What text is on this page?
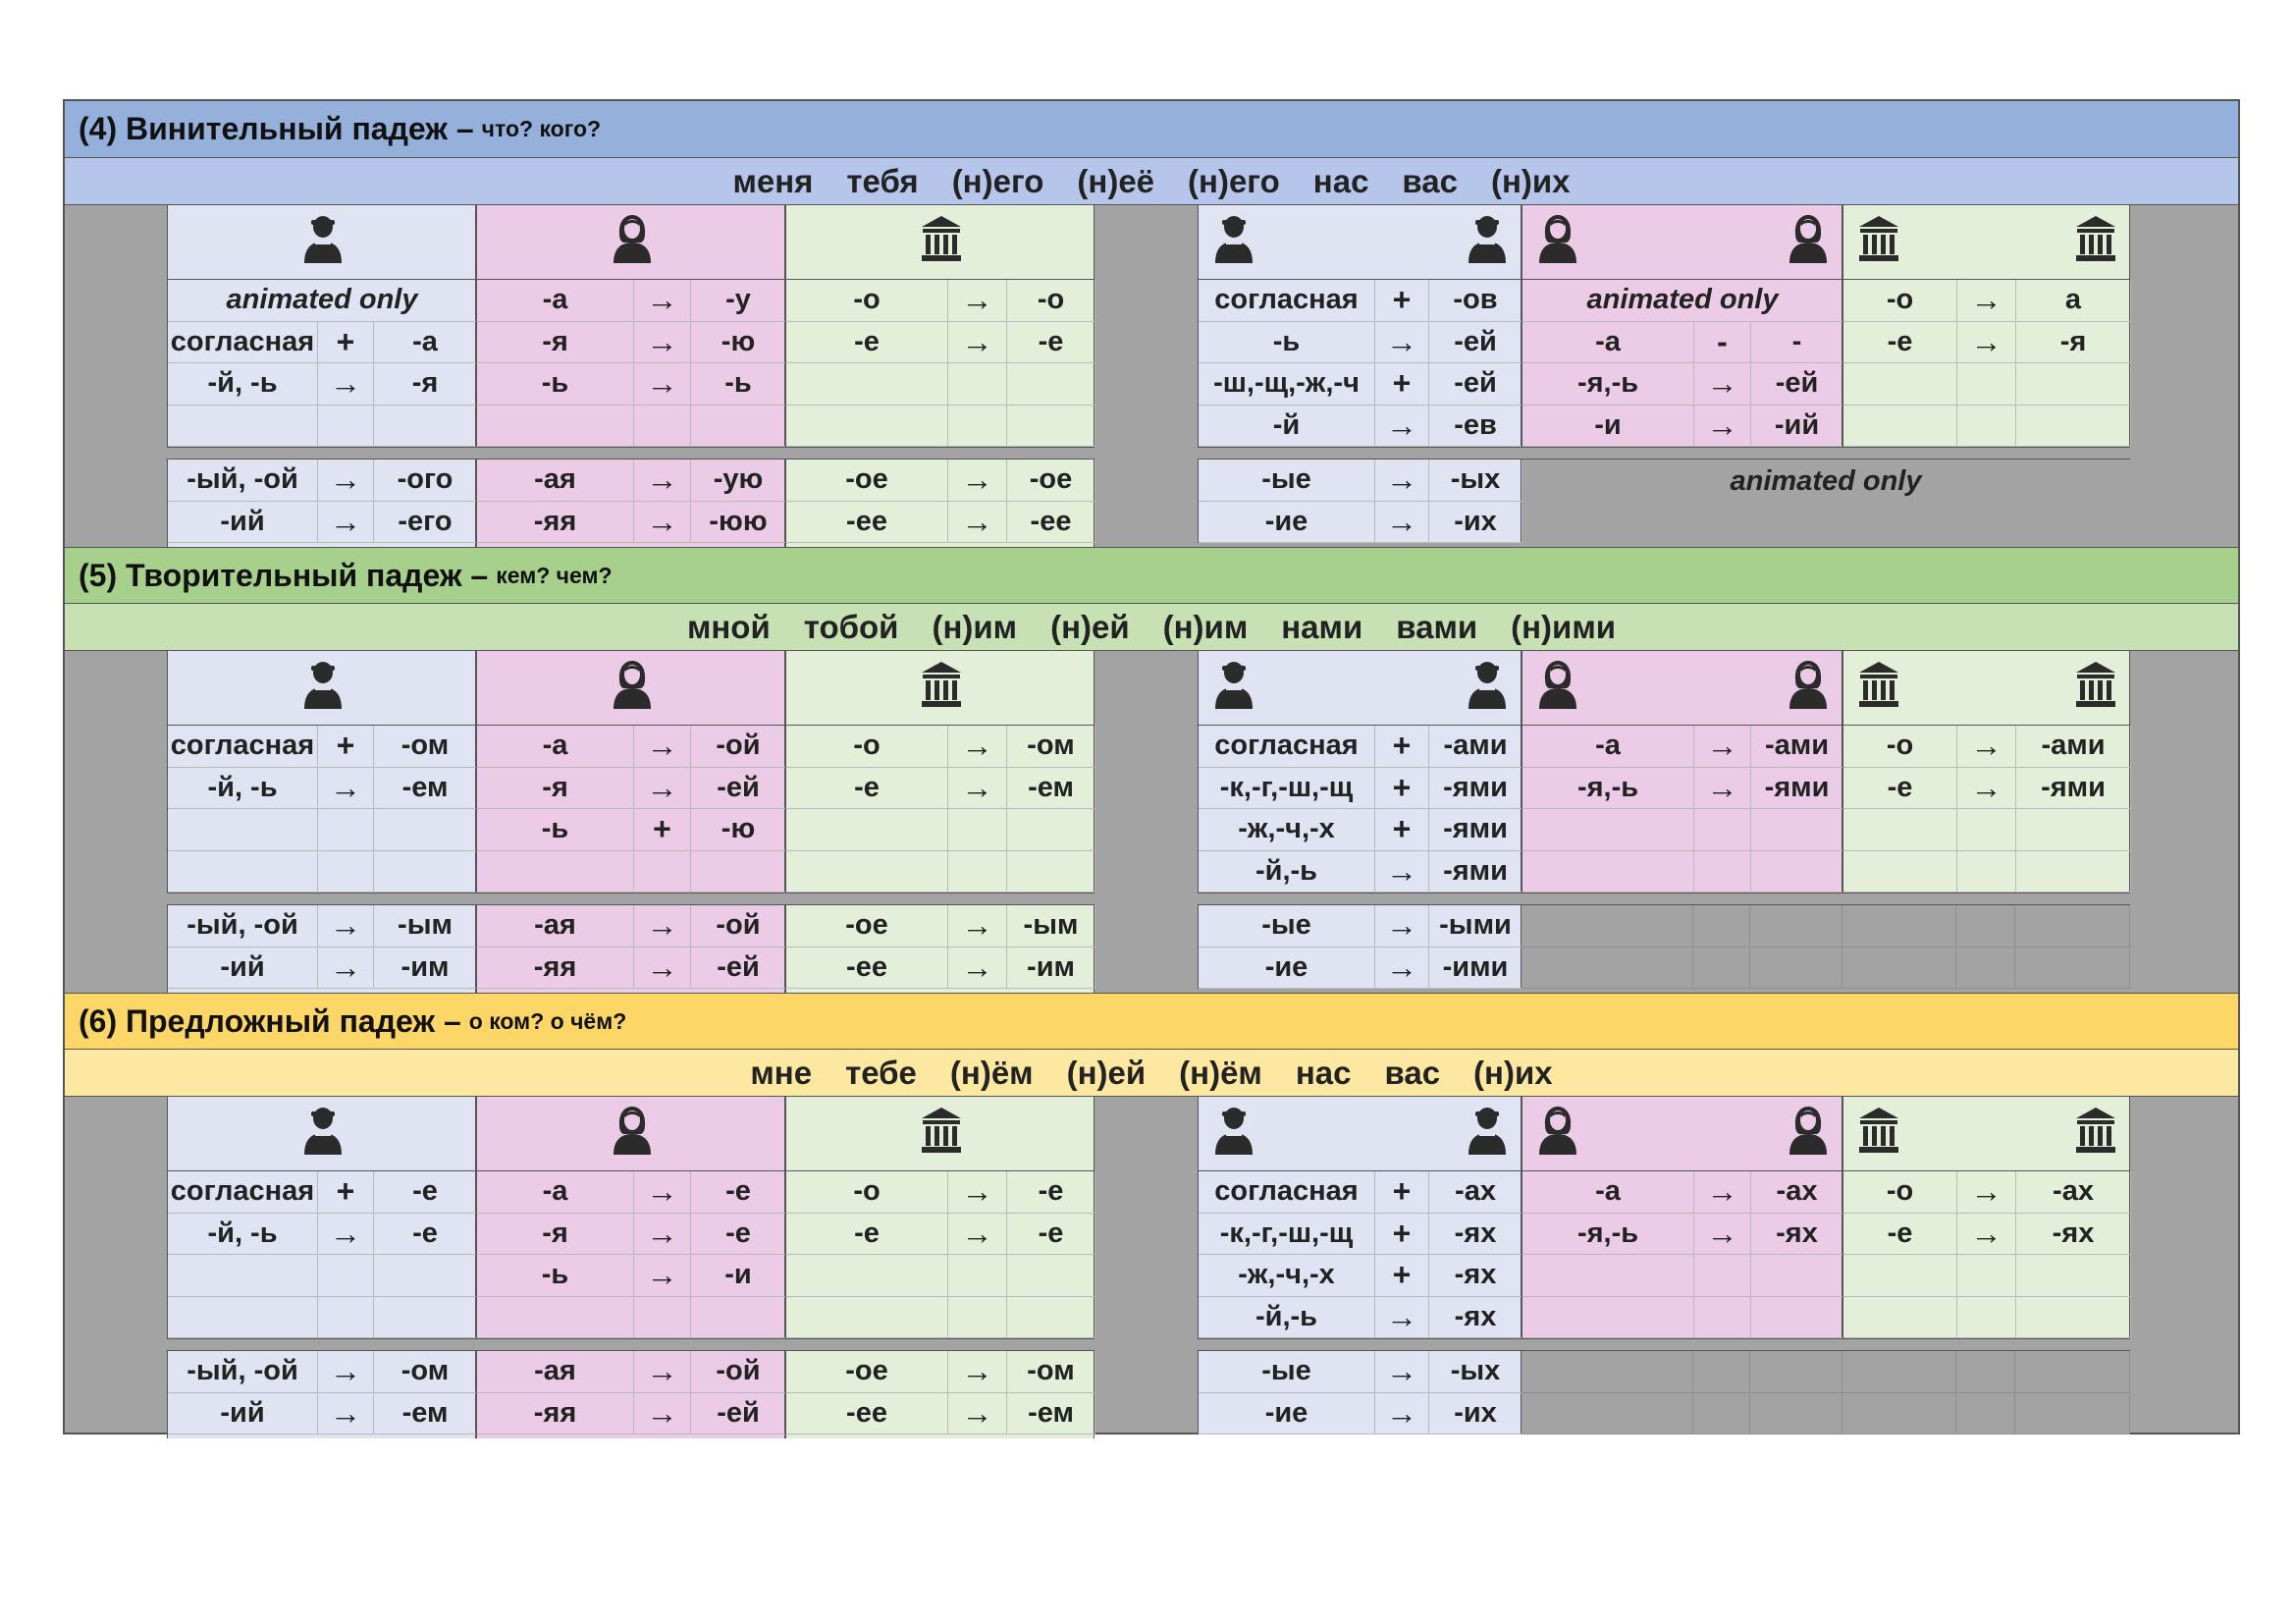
(4) Винительный падеж – что? кого?
меня тебя (н)его (н)её (н)его нас вас (н)их
animated only
согласная +	-а
-й, -ь	→	-я
-ый, -ой	→	-ого
-ий	→	-его
-а	→	-у
-я	→	-ю
-ь	→	-ь
-ая	→	-ую
-яя	→	-юю
-о	→	-о
-е	→	-е
-ое	→	-ое
-ее	→	-ее
согласная	+	-ов
-ь	→	-ей
-ш,-щ,-ж,-ч	+	-ей
-й	→	-ев
animated only
-а	-	-
-я,-ь	→	-ей
-и	→	-ий
-о	→	а
-е	→	-я
-ые	→	-ых
-ие	→	-их
animated only
(5) Творительный падеж – кем? чем?
мной тобой (н)им (н)ей (н)им нами вами (н)ими
согласная +	-ом
-й, -ь	→	-ем
-ый, -ой	→	-ым
-ий	→	-им
-а	→	-ой
-я	→	-ей
-ь	+	-ю
-ая	→	-ой
-яя	→	-ей
-о	→	-ом
-е	→	-ем
-ое	→	-ым
-ее	→	-им
согласная	+	-ами
-к,-г,-ш,-щ	+	-ями
-ж,-ч,-х	+	-ями
-й,-ь	→ -ями
-а	→ -ами
-я,-ь	→ -ями
-о	→	-ами
-е	→	-ями
-ые	→ -ыми
-ие	→ -ими
(6) Предложный падеж – о ком? о чём?
мне тебе (н)ём (н)ей (н)ём нас вас (н)их
согласная +	-е
-й, -ь	→	-е
-ый, -ой	→	-ом
-ий	→	-ем
-а	→	-е
-я	→	-е
-ь	→	-и
-ая	→	-ой
-яя	→	-ей
-о	→	-е
-е	→	-е
-ое	→	-ом
-ее	→	-ем
согласная	+	-ах
-к,-г,-ш,-щ	+	-ях
-ж,-ч,-х	+	-ях
-й,-ь	→	-ях
-а	→	-ах
-я,-ь	→	-ях
-о	→	-ах
-е	→	-ях
-ые	→	-ых
-ие	→	-их
